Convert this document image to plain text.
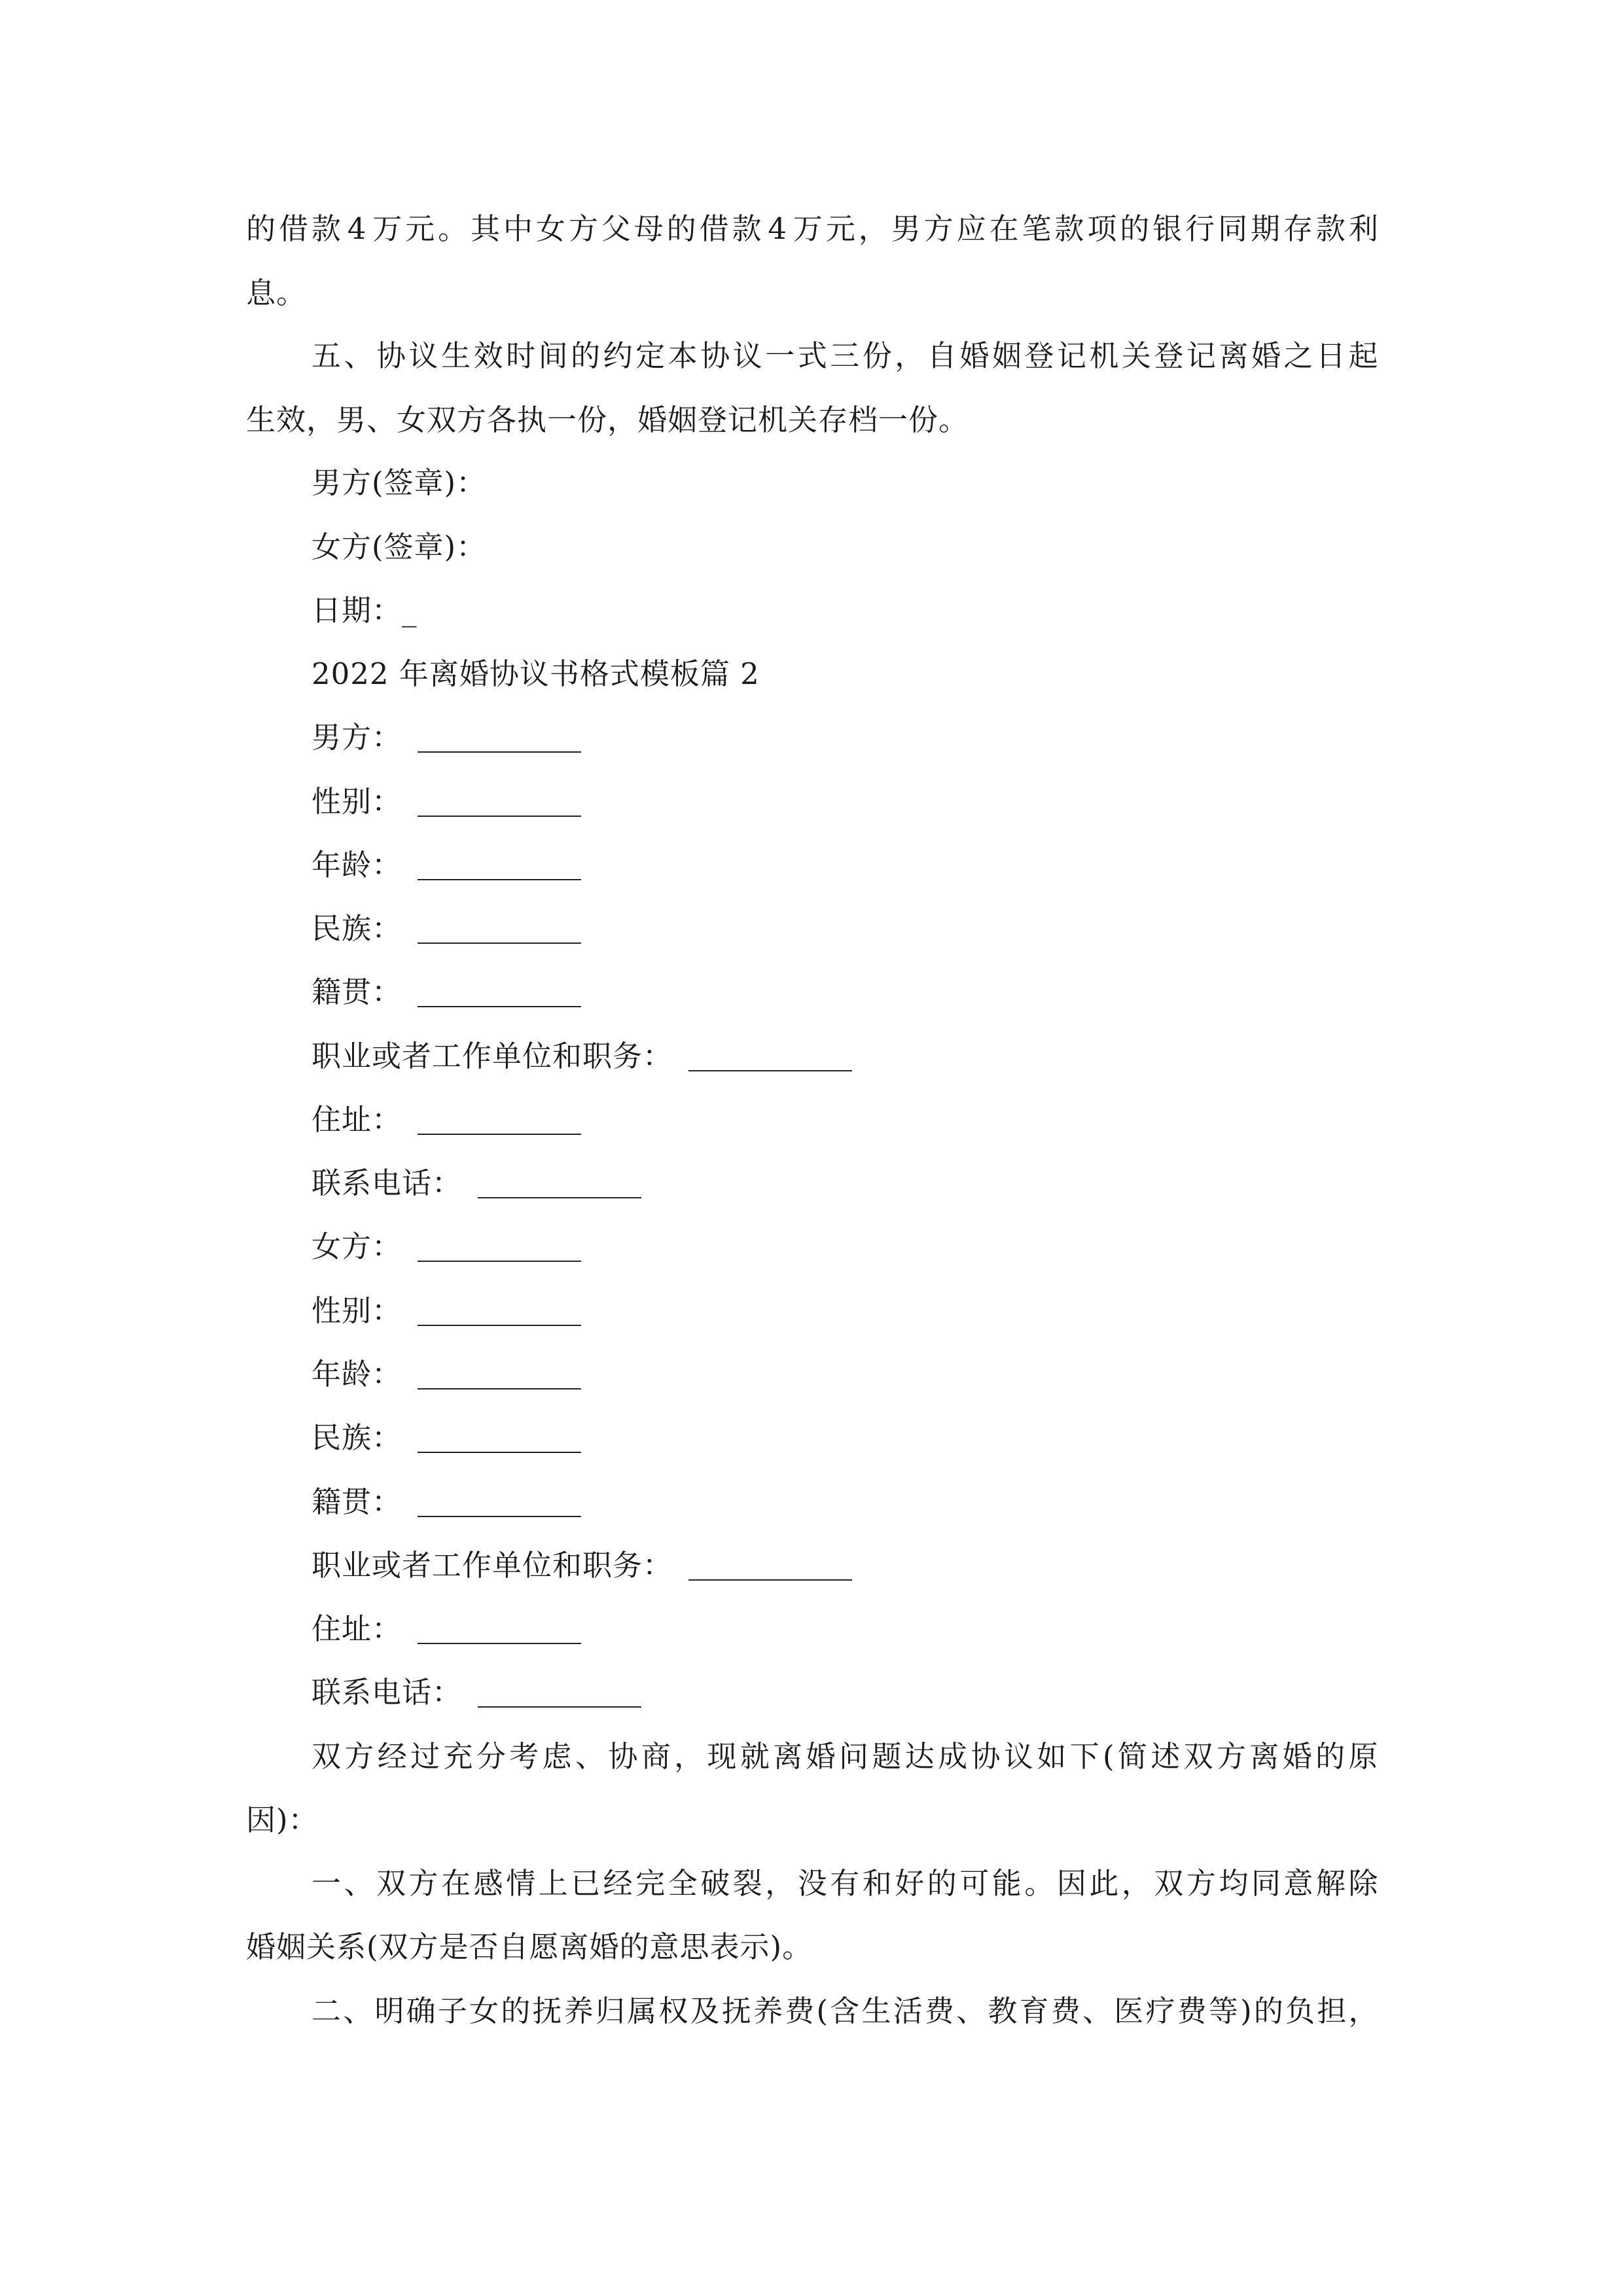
的 借 款 4 万 元 。 其 中 女 方 父 母 的 借 款 4 万 元 ， 男 方 应 在 笔 款 项 的 银 行 同 期 存 款 利
息。
五 、 协 议 生 效 时 间 的 约 定 本 协 议 一 式 三 份 ， 自 婚 姻 登 记 机 关 登 记 离 婚 之 日 起
生效，男、女双方各执一份，婚姻登记机关存档一份。
男方(签章)：
女方(签章)：
日期：_
2022 年离婚协议书格式模板篇 2
男方：
性别：
年龄：
民族：
籍贯：
职业或者工作单位和职务：
住址：
联系电话：
女方：
性别：
年龄：
民族：
籍贯：
职业或者工作单位和职务：
住址：
联系电话：
双 方 经 过 充 分 考 虑 、 协 商 ， 现 就 离 婚 问 题 达 成 协 议 如 下 ( 简 述 双 方 离 婚 的 原
因)：
一 、 双 方 在 感 情 上 已 经 完 全 破 裂 ， 没 有 和 好 的 可 能 。 因 此 ， 双 方 均 同 意 解 除
婚姻关系(双方是否自愿离婚的意思表示)。
二 、 明 确 子 女 的 抚 养 归 属 权 及 抚 养 费 ( 含 生 活 费 、 教 育 费 、 医 疗 费 等 ) 的 负 担 ，
